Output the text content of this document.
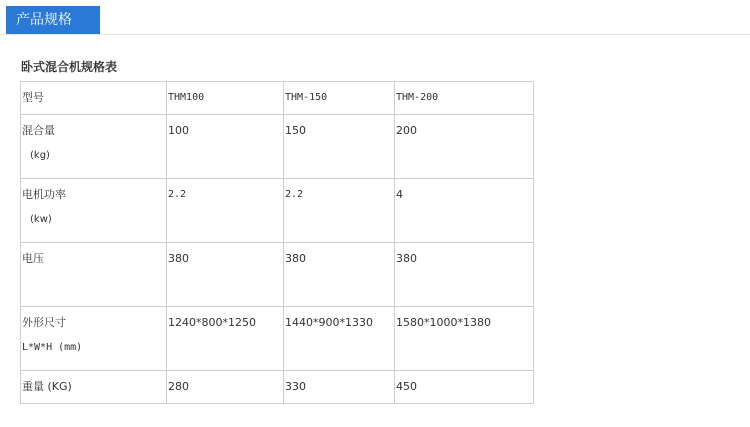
产品规格
卧式混合机规格表
型号	THM100	THM-150	THM-200

混合量
(kg)	100	150	200

电机功率
(kw)	2.2	2.2	4

电压	380	380	380

外形尺寸
L*W*H (mm)	1240*800*1250	1440*900*1330	1580*1000*1380

重量 (KG)	280	330	450
